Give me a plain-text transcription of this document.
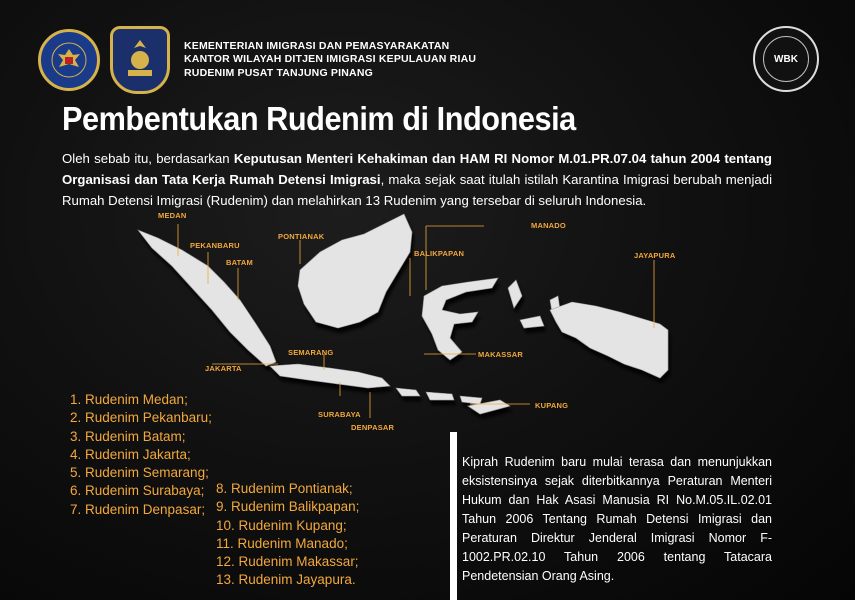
KEMENTERIAN IMIGRASI DAN PEMASYARAKATAN
KANTOR WILAYAH DITJEN IMIGRASI KEPULAUAN RIAU
RUDENIM PUSAT TANJUNG PINANG
WBK
Pembentukan Rudenim di Indonesia
Oleh sebab itu, berdasarkan Keputusan Menteri Kehakiman dan HAM RI Nomor M.01.PR.07.04 tahun 2004 tentang Organisasi dan Tata Kerja Rumah Detensi Imigrasi, maka sejak saat itulah istilah Karantina Imigrasi berubah menjadi Rumah Detensi Imigrasi (Rudenim) dan melahirkan 13 Rudenim yang tersebar di seluruh Indonesia.
MEDAN
PEKANBARU
BATAM
PONTIANAK
BALIKPAPAN
MANADO
JAYAPURA
SEMARANG
JAKARTA
MAKASSAR
SURABAYA
DENPASAR
KUPANG
1. Rudenim Medan;
2. Rudenim Pekanbaru;
3. Rudenim Batam;
4. Rudenim Jakarta;
5. Rudenim Semarang;
6. Rudenim Surabaya;
7. Rudenim Denpasar;
8. Rudenim Pontianak;
9. Rudenim Balikpapan;
10. Rudenim Kupang;
11. Rudenim Manado;
12. Rudenim Makassar;
13. Rudenim Jayapura.
Kiprah Rudenim baru mulai terasa dan menunjukkan eksistensinya sejak diterbitkannya Peraturan Menteri Hukum dan Hak Asasi Manusia RI No.M.05.IL.02.01 Tahun 2006 Tentang Rumah Detensi Imigrasi dan Peraturan Direktur Jenderal Imigrasi Nomor F-1002.PR.02.10 Tahun 2006 tentang Tatacara Pendetensian Orang Asing.
